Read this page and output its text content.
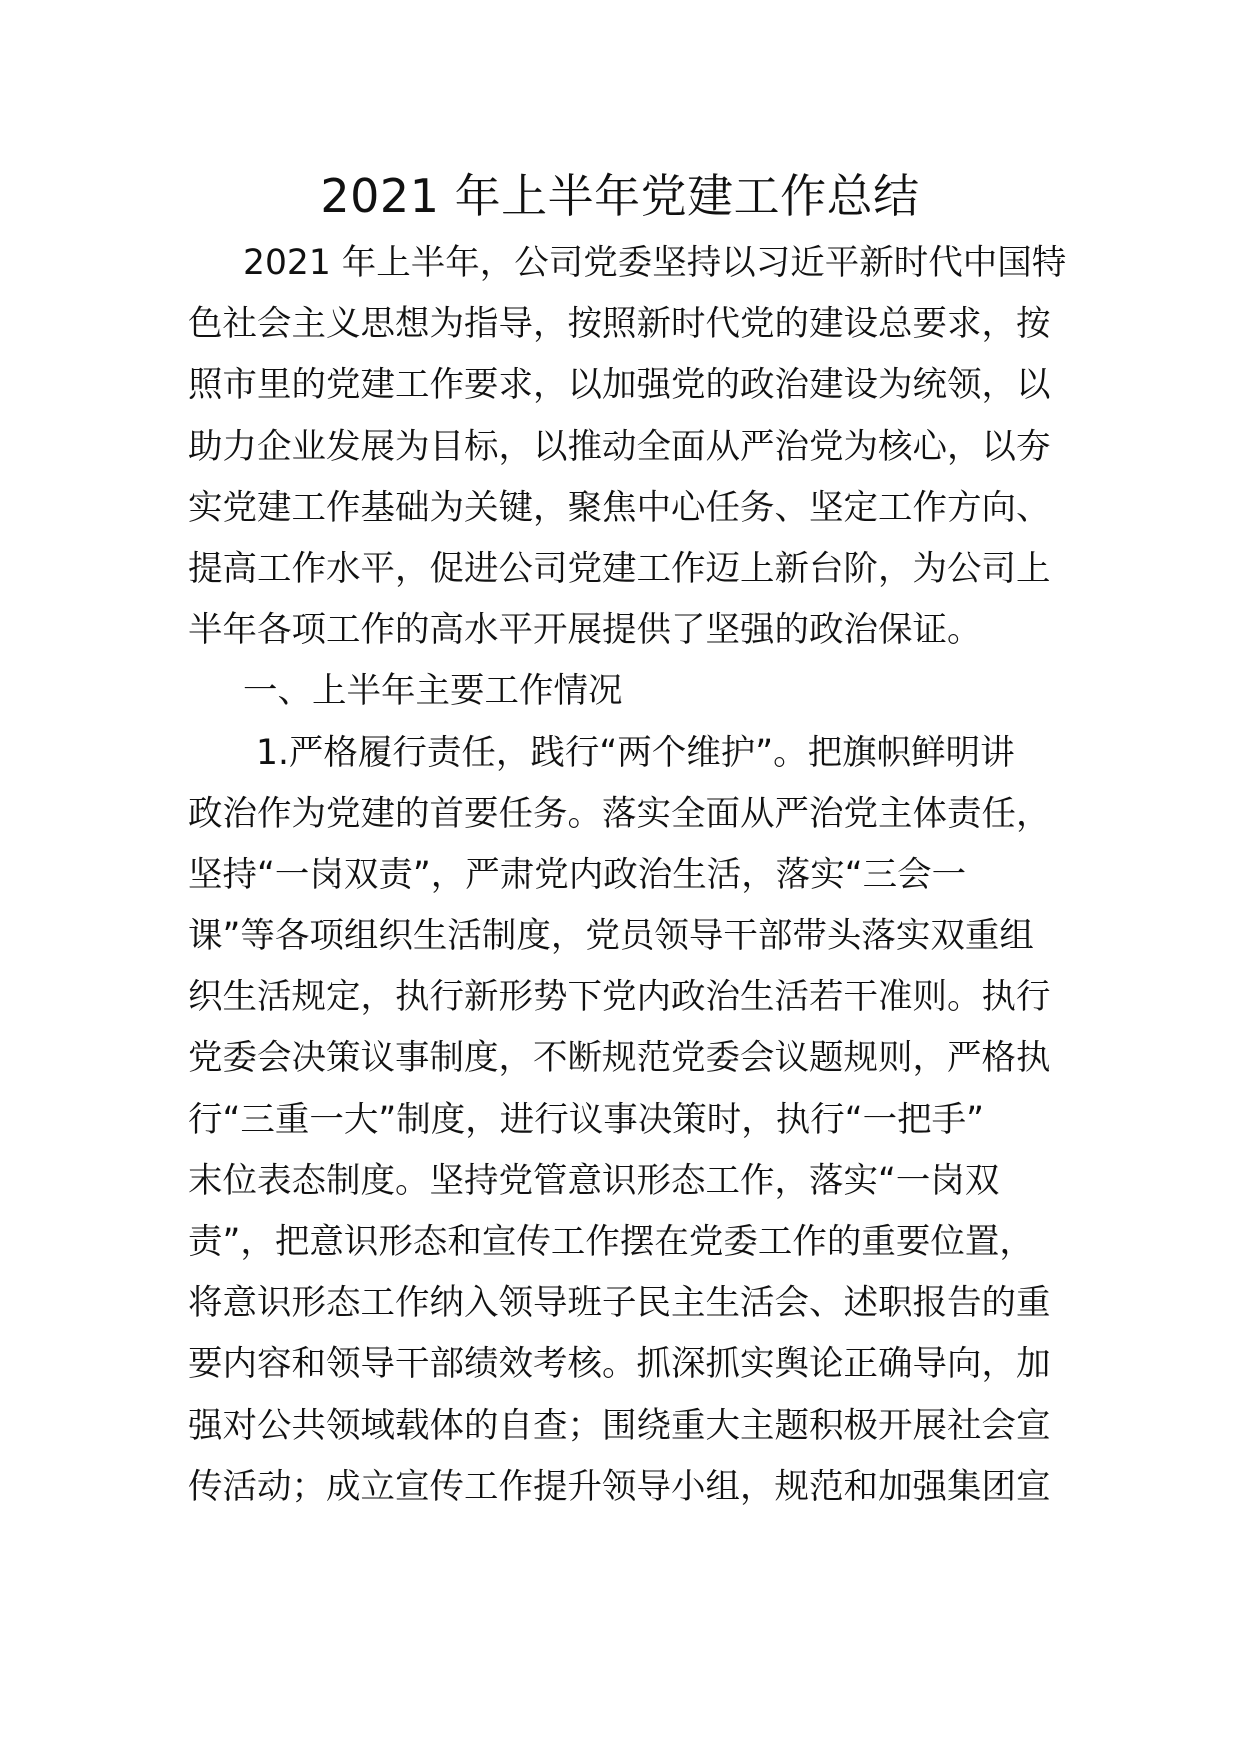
2021 年上半年党建工作总结
2021 年上半年，公司党委坚持以习近平新时代中国特
色社会主义思想为指导，按照新时代党的建设总要求，按
照市里的党建工作要求，以加强党的政治建设为统领，以
助力企业发展为目标，以推动全面从严治党为核心，以夯
实党建工作基础为关键，聚焦中心任务、坚定工作方向、
提高工作水平，促进公司党建工作迈上新台阶，为公司上
半年各项工作的高水平开展提供了坚强的政治保证。
一、上半年主要工作情况
1.严格履行责任，践行“两个维护”。把旗帜鲜明讲
政治作为党建的首要任务。落实全面从严治党主体责任，
坚持“一岗双责”，严肃党内政治生活，落实“三会一
课”等各项组织生活制度，党员领导干部带头落实双重组
织生活规定，执行新形势下党内政治生活若干准则。执行
党委会决策议事制度，不断规范党委会议题规则，严格执
行“三重一大”制度，进行议事决策时，执行“一把手”
末位表态制度。坚持党管意识形态工作，落实“一岗双
责”，把意识形态和宣传工作摆在党委工作的重要位置，
将意识形态工作纳入领导班子民主生活会、述职报告的重
要内容和领导干部绩效考核。抓深抓实舆论正确导向，加
强对公共领域载体的自查；围绕重大主题积极开展社会宣
传活动；成立宣传工作提升领导小组，规范和加强集团宣
